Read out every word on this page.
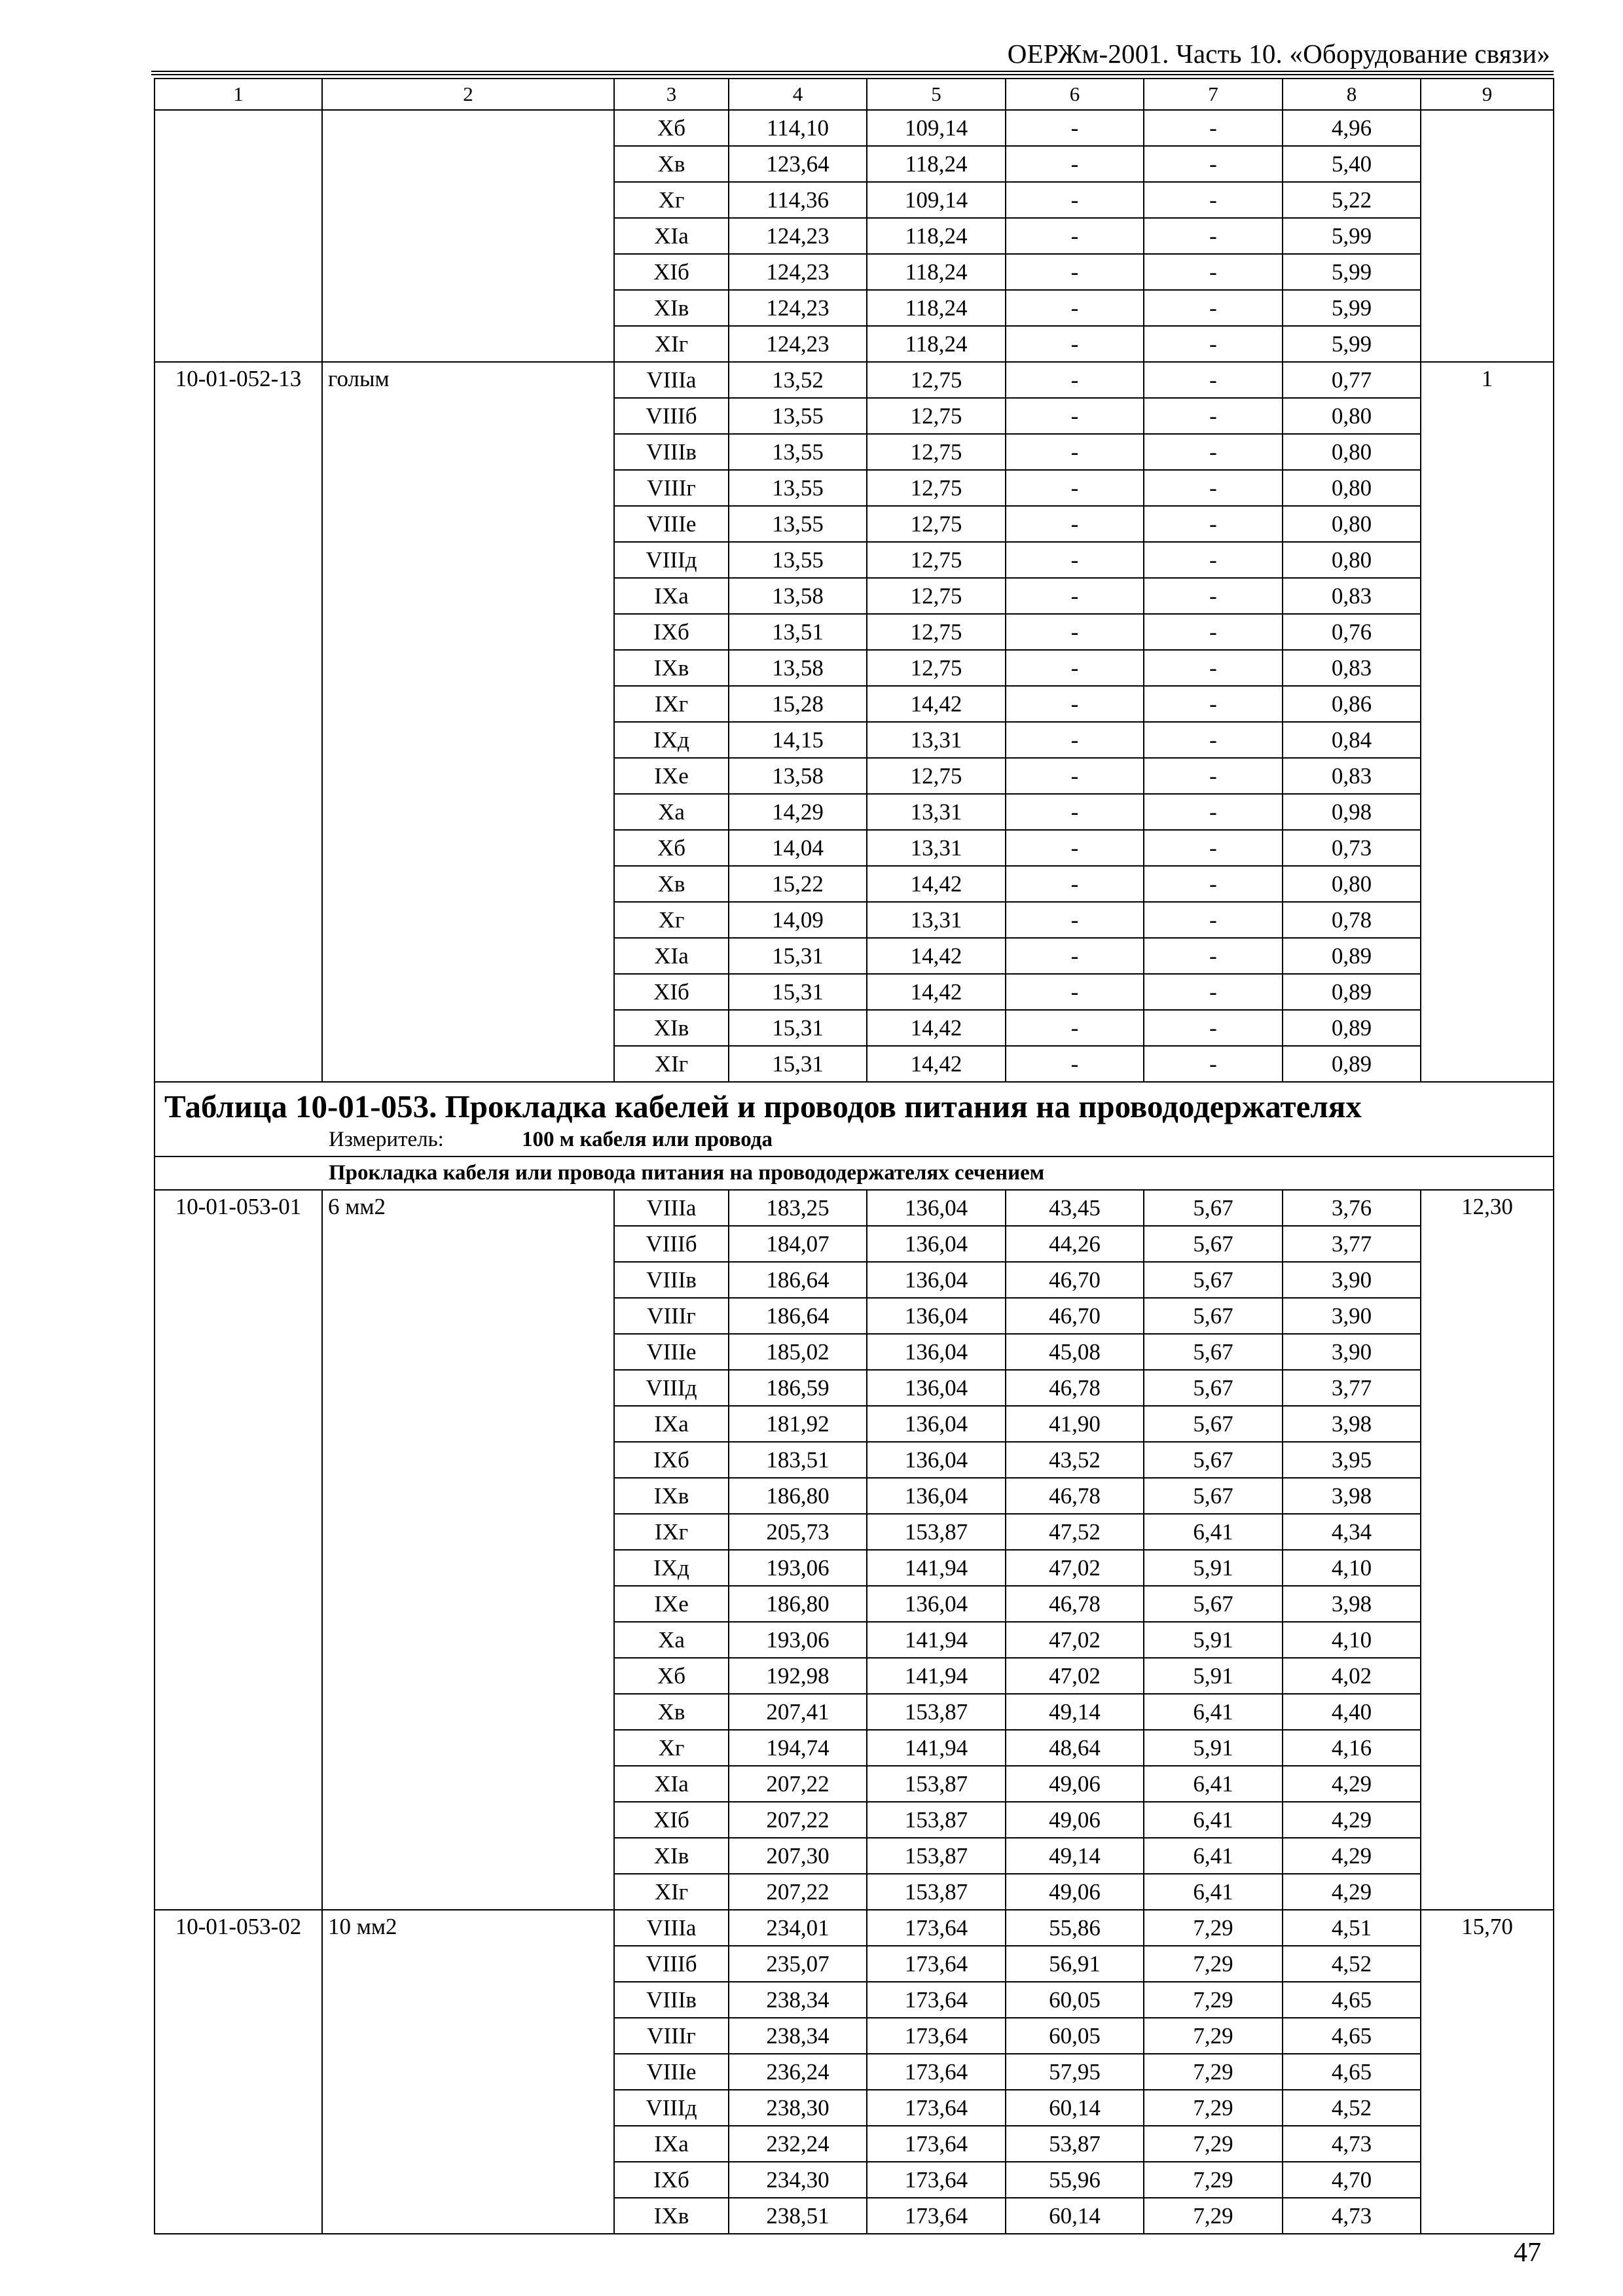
ОЕРЖм-2001. Часть 10. «Оборудование связи»
1	2	3	4	5	6	7	8	9
		Хб	114,10	109,14	-	-	4,96	
		Хв	123,64	118,24	-	-	5,40	
		Хг	114,36	109,14	-	-	5,22	
		ХIа	124,23	118,24	-	-	5,99	
		ХIб	124,23	118,24	-	-	5,99	
		ХIв	124,23	118,24	-	-	5,99	
		ХIг	124,23	118,24	-	-	5,99	
10-01-052-13	голым	VIIIа	13,52	12,75	-	-	0,77	1
		VIIIб	13,55	12,75	-	-	0,80	
		VIIIв	13,55	12,75	-	-	0,80	
		VIIIг	13,55	12,75	-	-	0,80	
		VIIIе	13,55	12,75	-	-	0,80	
		VIIIд	13,55	12,75	-	-	0,80	
		IХа	13,58	12,75	-	-	0,83	
		IХб	13,51	12,75	-	-	0,76	
		IХв	13,58	12,75	-	-	0,83	
		IХг	15,28	14,42	-	-	0,86	
		IХд	14,15	13,31	-	-	0,84	
		IХе	13,58	12,75	-	-	0,83	
		Ха	14,29	13,31	-	-	0,98	
		Хб	14,04	13,31	-	-	0,73	
		Хв	15,22	14,42	-	-	0,80	
		Хг	14,09	13,31	-	-	0,78	
		ХIа	15,31	14,42	-	-	0,89	
		ХIб	15,31	14,42	-	-	0,89	
		ХIв	15,31	14,42	-	-	0,89	
		ХIг	15,31	14,42	-	-	0,89	

Таблица 10-01-053. Прокладка кабелей и проводов питания на провододержателях
Измеритель: 100 м кабеля или провода								

Прокладка кабеля или провода питания на провододержателях сечением								
10-01-053-01	6 мм2	VIIIа	183,25	136,04	43,45	5,67	3,76	12,30
		VIIIб	184,07	136,04	44,26	5,67	3,77	
		VIIIв	186,64	136,04	46,70	5,67	3,90	
		VIIIг	186,64	136,04	46,70	5,67	3,90	
		VIIIе	185,02	136,04	45,08	5,67	3,90	
		VIIIд	186,59	136,04	46,78	5,67	3,77	
		IХа	181,92	136,04	41,90	5,67	3,98	
		IХб	183,51	136,04	43,52	5,67	3,95	
		IХв	186,80	136,04	46,78	5,67	3,98	
		IХг	205,73	153,87	47,52	6,41	4,34	
		IХд	193,06	141,94	47,02	5,91	4,10	
		IХе	186,80	136,04	46,78	5,67	3,98	
		Ха	193,06	141,94	47,02	5,91	4,10	
		Хб	192,98	141,94	47,02	5,91	4,02	
		Хв	207,41	153,87	49,14	6,41	4,40	
		Хг	194,74	141,94	48,64	5,91	4,16	
		ХIа	207,22	153,87	49,06	6,41	4,29	
		ХIб	207,22	153,87	49,06	6,41	4,29	
		ХIв	207,30	153,87	49,14	6,41	4,29	
		ХIг	207,22	153,87	49,06	6,41	4,29	
10-01-053-02	10 мм2	VIIIа	234,01	173,64	55,86	7,29	4,51	15,70
		VIIIб	235,07	173,64	56,91	7,29	4,52	
		VIIIв	238,34	173,64	60,05	7,29	4,65	
		VIIIг	238,34	173,64	60,05	7,29	4,65	
		VIIIе	236,24	173,64	57,95	7,29	4,65	
		VIIIд	238,30	173,64	60,14	7,29	4,52	
		IХа	232,24	173,64	53,87	7,29	4,73	
		IХб	234,30	173,64	55,96	7,29	4,70	
		IХв	238,51	173,64	60,14	7,29	4,73	
47
